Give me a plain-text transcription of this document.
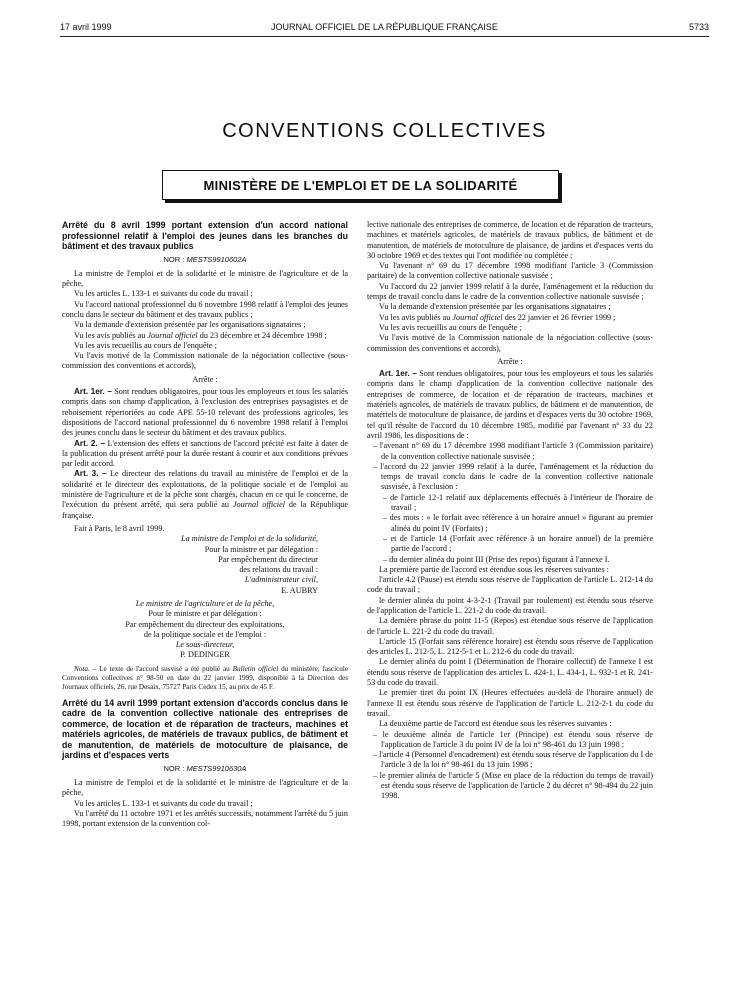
17 avril 1999	JOURNAL OFFICIEL DE LA RÉPUBLIQUE FRANÇAISE	5733
CONVENTIONS COLLECTIVES
MINISTÈRE DE L'EMPLOI ET DE LA SOLIDARITÉ

Arrêté du 8 avril 1999 portant extension d'un accord national professionnel relatif à l'emploi des jeunes dans les branches du bâtiment et des travaux publics

NOR : MESTS9910602A

La ministre de l'emploi et de la solidarité et le ministre de l'agriculture et de la pêche,

Vu les articles L. 133-1 et suivants du code du travail ;

Vu l'accord national professionnel du 6 novembre 1998 relatif à l'emploi des jeunes conclu dans le secteur du bâtiment et des travaux publics ;

Vu la demande d'extension présentée par les organisations signataires ;

Vu les avis publiés au Journal officiel du 23 décembre et 24 décembre 1998 ;

Vu les avis recueillis au cours de l'enquête ;

Vu l'avis motivé de la Commission nationale de la négociation collective (sous-commission des conventions et accords),

Arrête :

Art. 1er. – Sont rendues obligatoires, pour tous les employeurs et tous les salariés compris dans son champ d'application, à l'exclusion des entreprises paysagistes et de reboisement répertoriées au code APE 55-10 relevant des professions agricoles, les dispositions de l'accord national professionnel du 6 novembre 1998 relatif à l'emploi des jeunes conclu dans le secteur du bâtiment et des travaux publics.

Art. 2. – L'extension des effets et sanctions de l'accord précité est faite à dater de la publication du présent arrêté pour la durée restant à courir et aux conditions prévues par ledit accord.

Art. 3. – Le directeur des relations du travail au ministère de l'emploi et de la solidarité et le directeur des exploitations, de la politique sociale et de l'emploi au ministère de l'agriculture et de la pêche sont chargés, chacun en ce qui le concerne, de l'exécution du présent arrêté, qui sera publié au Journal officiel de la République française.

Fait à Paris, le 8 avril 1999.

La ministre de l'emploi et de la solidarité,
Pour la ministre et par délégation :
Par empêchement du directeur
des relations du travail :
L'administrateur civil,
E. AUBRY
Le ministre de l'agriculture et de la pêche,
Pour le ministre et par délégation :
Par empêchement du directeur des exploitations,
de la politique sociale et de l'emploi :
Le sous-directeur,
P. DEDINGER

Nota. – Le texte de l'accord susvisé a été publié au Bulletin officiel du ministère, fascicule Conventions collectives n° 98-50 en date du 22 janvier 1999, disponible à la Direction des Journaux officiels, 26, rue Desaix, 75727 Paris Cedex 15, au prix de 45 F.

Arrêté du 14 avril 1999 portant extension d'accords conclus dans le cadre de la convention collective nationale des entreprises de commerce, de location et de réparation de tracteurs, machines et matériels agricoles, de matériels de travaux publics, de bâtiment et de manutention, de matériels de motoculture de plaisance, de jardins et d'espaces verts

NOR : MESTS9910630A

La ministre de l'emploi et de la solidarité et le ministre de l'agriculture et de la pêche,

Vu les articles L. 133-1 et suivants du code du travail ;

Vu l'arrêté du 11 octobre 1971 et les arrêtés successifs, notamment l'arrêté du 5 juin 1998, portant extension de la convention col-

lective nationale des entreprises de commerce, de location et de réparation de tracteurs, machines et matériels agricoles, de matériels de travaux publics, de bâtiment et de manutention, de matériels de motoculture de plaisance, de jardins et d'espaces verts du 30 octobre 1969 et des textes qui l'ont modifiée ou complétée ;

Vu l'avenant n° 69 du 17 décembre 1998 modifiant l'article 3 (Commission paritaire) de la convention collective nationale susvisée ;

Vu l'accord du 22 janvier 1999 relatif à la durée, l'aménagement et la réduction du temps de travail conclu dans le cadre de la convention collective nationale susvisée ;

Vu la demande d'extension présentée par les organisations signataires ;

Vu les avis publiés au Journal officiel des 22 janvier et 26 février 1999 ;

Vu les avis recueillis au cours de l'enquête ;

Vu l'avis motivé de la Commission nationale de la négociation collective (sous-commission des conventions et accords),

Arrête :

Art. 1er. – Sont rendues obligatoires, pour tous les employeurs et tous les salariés compris dans le champ d'application de la convention collective nationale des entreprises de commerce, de location et de réparation de tracteurs, machines et matériels agricoles, de matériels de travaux publics, de bâtiment et de manutention, de matériels de motoculture de plaisance, de jardins et d'espaces verts du 30 octobre 1969, tel qu'il résulte de l'accord du 10 décembre 1985, modifié par l'avenant n° 33 du 22 avril 1986, les dispositions de :

– l'avenant n° 69 du 17 décembre 1998 modifiant l'article 3 (Commission paritaire) de la convention collective nationale susvisée ;

– l'accord du 22 janvier 1999 relatif à la durée, l'aménagement et la réduction du temps de travail conclu dans le cadre de la convention collective nationale susvisée, à l'exclusion :

– de l'article 12-1 relatif aux déplacements effectués à l'intérieur de l'horaire de travail ;

– des mots : « le forfait avec référence à un horaire annuel » figurant au premier alinéa du point IV (Forfaits) ;

– et de l'article 14 (Forfait avec référence à un horaire annuel) de la première partie de l'accord ;

– du dernier alinéa du point III (Prise des repos) figurant à l'annexe I.

La première partie de l'accord est étendue sous les réserves suivantes :

l'article 4.2 (Pause) est étendu sous réserve de l'application de l'article L. 212-14 du code du travail ;

le dernier alinéa du point 4-3-2-1 (Travail par roulement) est étendu sous réserve de l'application de l'article L. 221-2 du code du travail.

La dernière phrase du point 11-5 (Repos) est étendue sous réserve de l'application de l'article L. 221-2 du code du travail.

L'article 15 (Forfait sans référence horaire) est étendu sous réserve de l'application des articles L. 212-5, L. 212-5-1 et L. 212-6 du code du travail.

Le dernier alinéa du point I (Détermination de l'horaire collectif) de l'annexe I est étendu sous réserve de l'application des articles L. 424-1, L. 434-1, L. 932-1 et R. 241-53 du code du travail.

Le premier tiret du point IX (Heures effectuées au-delà de l'horaire annuel) de l'annexe II est étendu sous réserve de l'application de l'article L. 212-2-1 du code du travail.

La deuxième partie de l'accord est étendue sous les réserves suivantes :

– le deuxième alinéa de l'article 1er (Principe) est étendu sous réserve de l'application de l'article 3 du point IV de la loi n° 98-461 du 13 juin 1998 ;

– l'article 4 (Personnel d'encadrement) est étendu sous réserve de l'application du I de l'article 3 de la loi n° 98-461 du 13 juin 1998 ;

– le premier alinéa de l'article 5 (Mise en place de la réduction du temps de travail) est étendu sous réserve de l'application de l'article 2 du décret n° 98-494 du 22 juin 1998.
